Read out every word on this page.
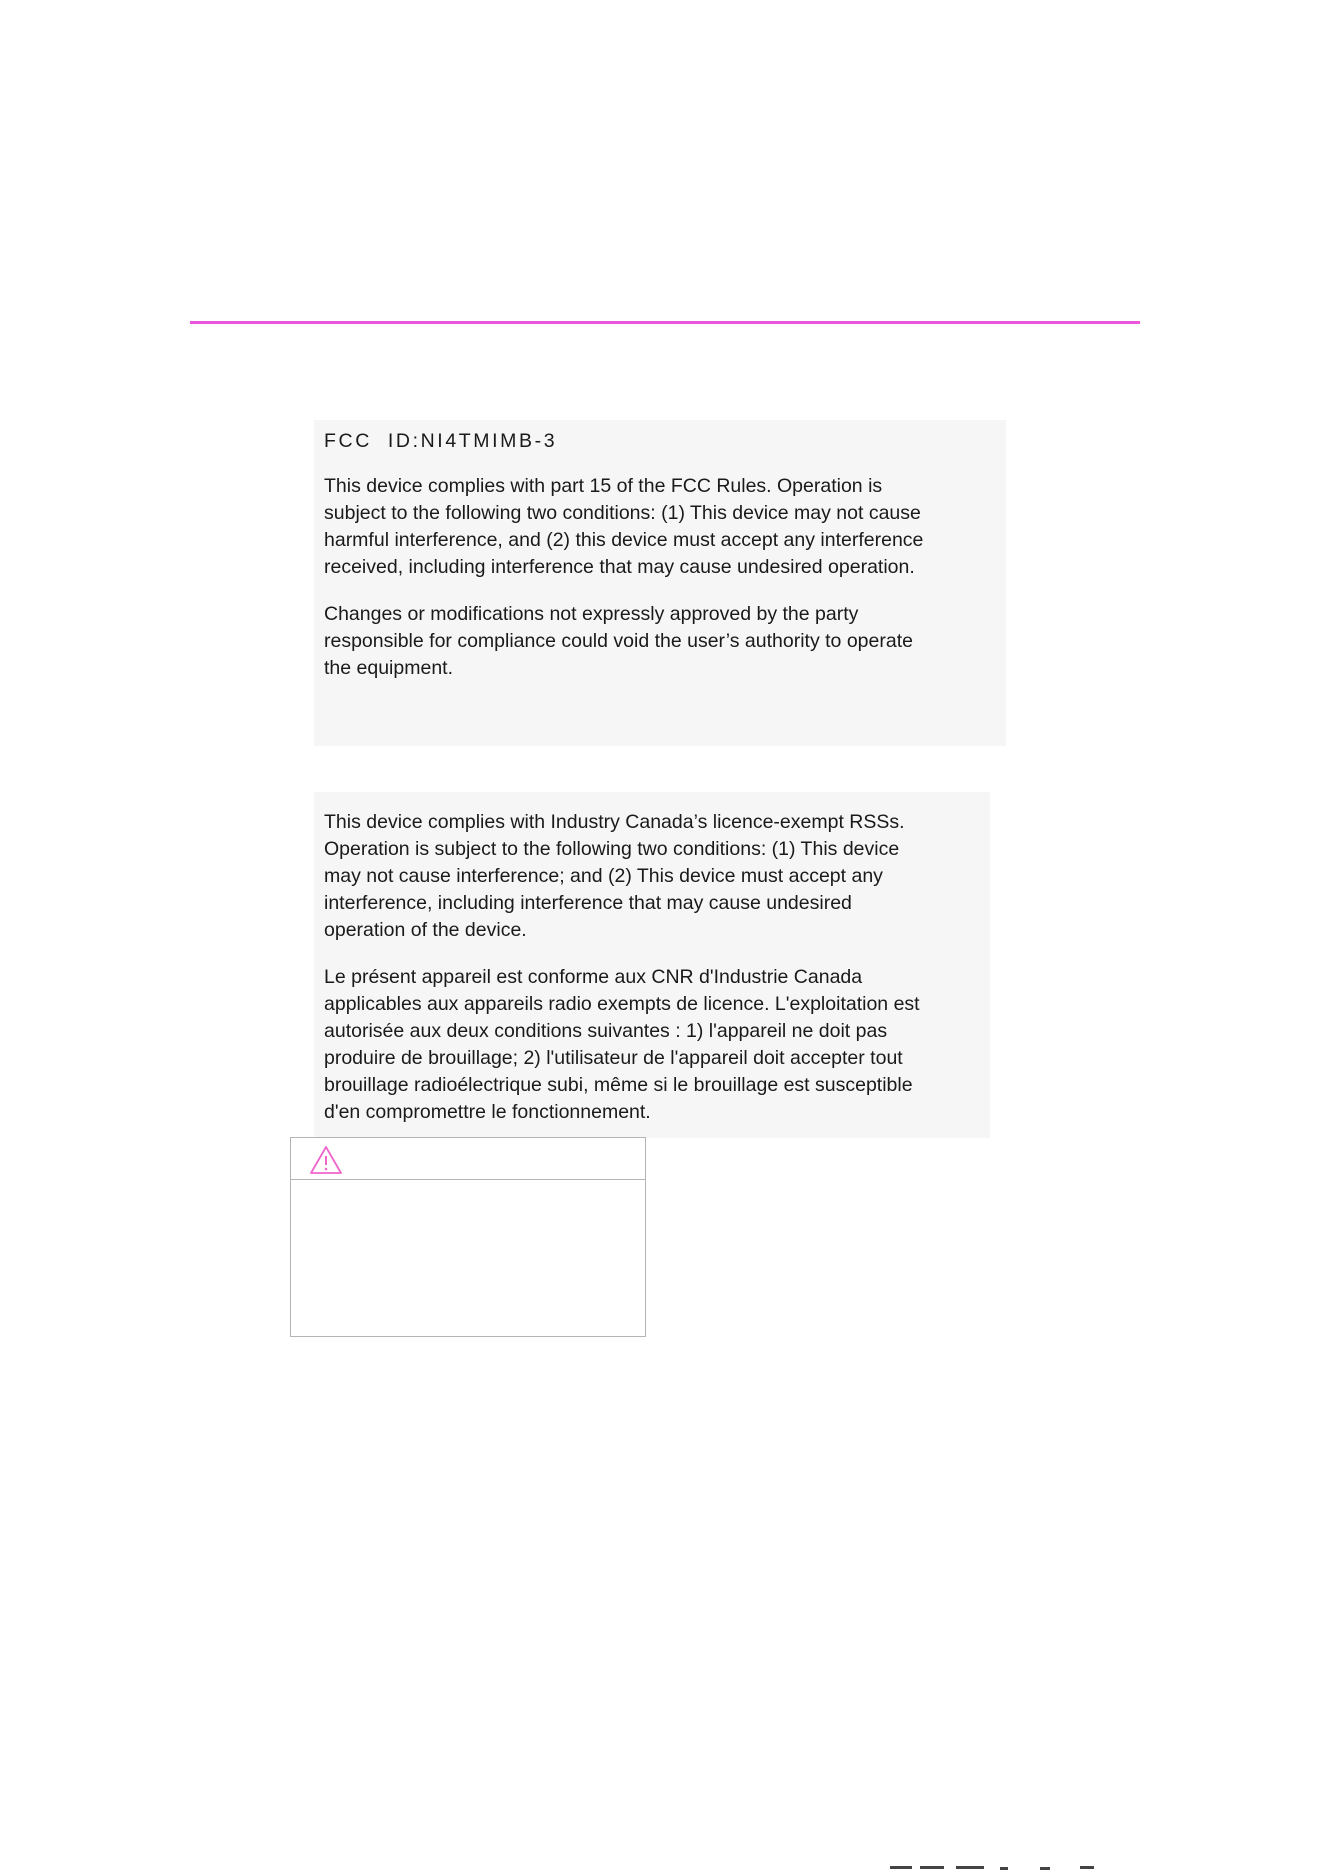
FCC  ID:NI4TMIMB-3

This device complies with part 15 of the FCC Rules. Operation is
subject to the following two conditions: (1) This device may not cause
harmful interference, and (2) this device must accept any interference
received, including interference that may cause undesired operation.

Changes or modifications not expressly approved by the party
responsible for compliance could void the user’s authority to operate
the equipment.

This device complies with Industry Canada’s licence-exempt RSSs.
Operation is subject to the following two conditions: (1) This device
may not cause interference; and (2) This device must accept any
interference, including interference that may cause undesired
operation of the device.

Le présent appareil est conforme aux CNR d'Industrie Canada
applicables aux appareils radio exempts de licence. L'exploitation est
autorisée aux deux conditions suivantes : 1) l'appareil ne doit pas
produire de brouillage; 2) l'utilisateur de l'appareil doit accepter tout
brouillage radioélectrique subi, même si le brouillage est susceptible
d'en compromettre le fonctionnement.
